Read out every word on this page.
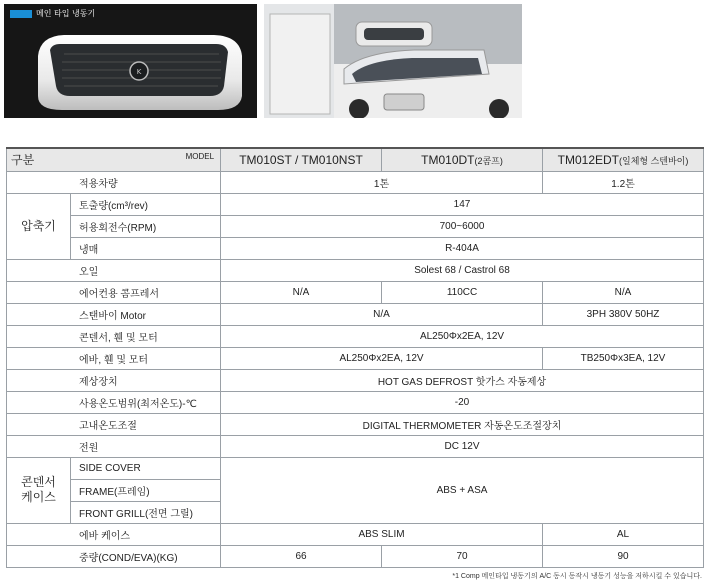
메인 타입 냉동기
K
구분 MODEL		TM010ST / TM010NST	TM010DT(2콤프)	TM012EDT(일체형 스텐바이)
적용차량		1톤		1.2톤
압축기	토출량(cm³/rev)	147		
	허용회전수(RPM)	700~6000		
	냉매	R-404A		
오일		Solest 68 / Castrol 68		
에어컨용 콤프레서		N/A	110CC	N/A
스탠바이 Motor		N/A		3PH 380V 50HZ
콘덴서, 휀 및 모터		AL250Φx2EA, 12V		
에바, 휀 및 모터		AL250Φx2EA, 12V		TB250Φx3EA, 12V
제상장치		HOT GAS DEFROST 핫가스 자동제상		
사용온도범위(최저온도)-℃		-20		
고내온도조절		DIGITAL THERMOMETER 자동온도조절장치		
전원		DC 12V		
콘덴서
케이스	SIDE COVER	ABS + ASA		
	FRAME(프레임)			
	FRONT GRILL(전면 그릴)			
에바 케이스		ABS SLIM		AL
중량(COND/EVA)(KG)		66	70	90
*1 Comp 메인타입 냉동기의 A/C 동시 동작시 냉동기 성능을 저하시킬 수 있습니다.
